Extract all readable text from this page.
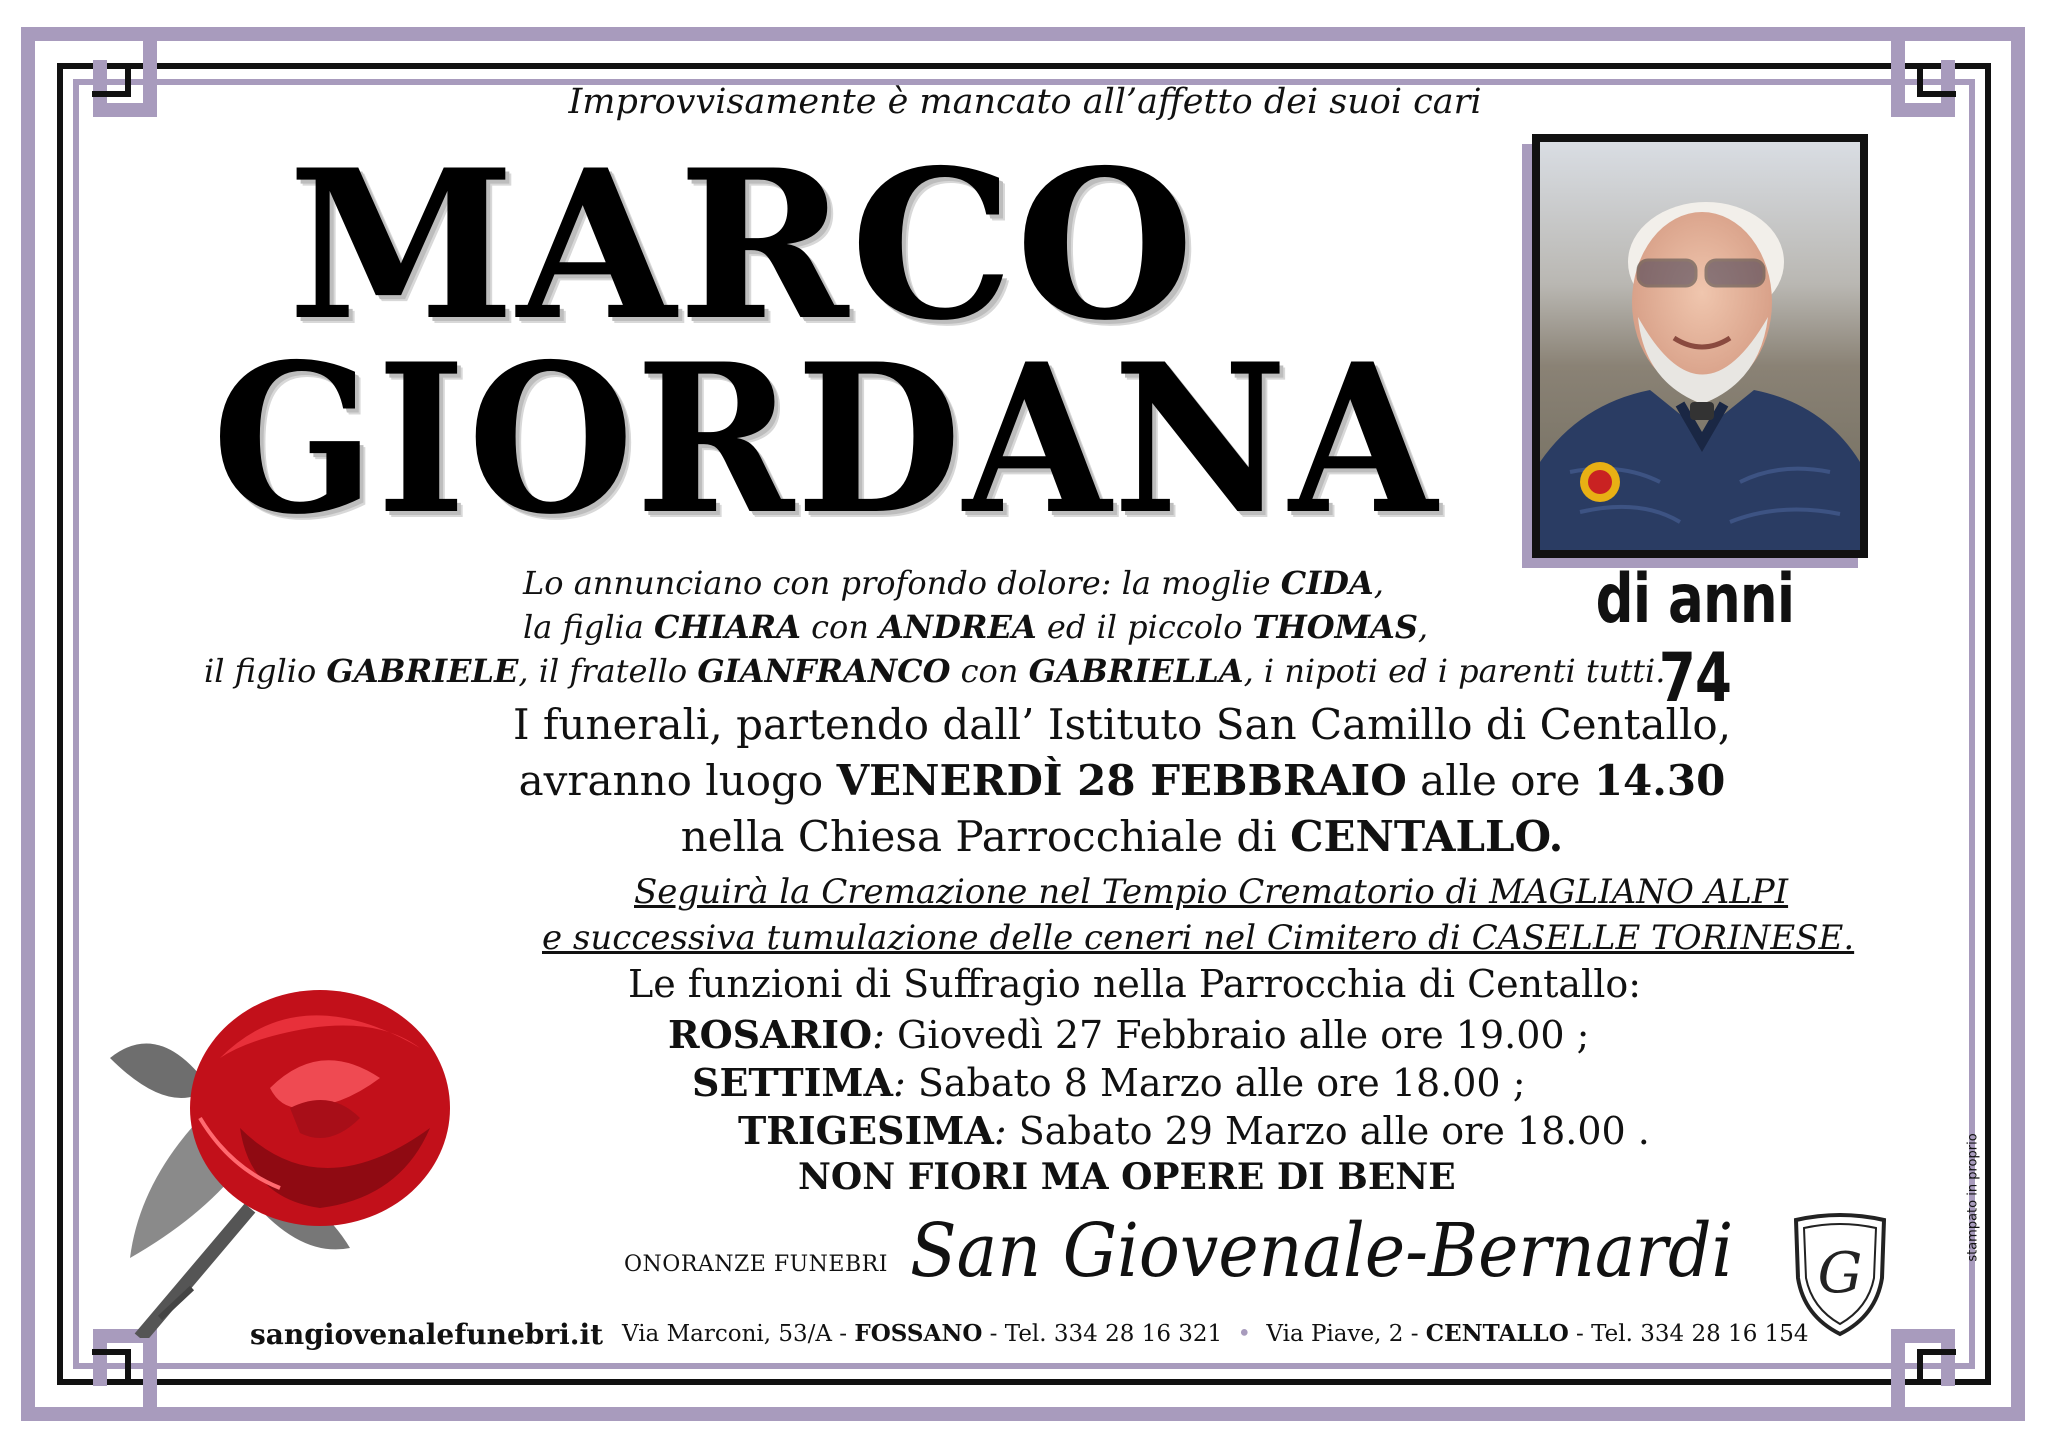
Improvvisamente è mancato all’affetto dei suoi cari
MARCO
GIORDANA
di anni 74
Lo annunciano con profondo dolore: la moglie CIDA,
la figlia CHIARA con ANDREA ed il piccolo THOMAS,
il figlio GABRIELE, il fratello GIANFRANCO con GABRIELLA, i nipoti ed i parenti tutti.
I funerali, partendo dall’ Istituto San Camillo di Centallo,
avranno luogo VENERDÌ 28 FEBBRAIO alle ore 14.30
nella Chiesa Parrocchiale di CENTALLO.
Seguirà la Cremazione nel Tempio Crematorio di MAGLIANO ALPI
e successiva tumulazione delle ceneri nel Cimitero di CASELLE TORINESE.
Le funzioni di Suffragio nella Parrocchia di Centallo:
ROSARIO: Giovedì 27 Febbraio alle ore 19.00 ;
SETTIMA: Sabato 8 Marzo alle ore 18.00 ;
TRIGESIMA: Sabato 29 Marzo alle ore 18.00 .
NON FIORI MA OPERE DI BENE
sangiovenalefunebri.it
ONORANZE FUNEBRI San Giovenale-Bernardi G
Via Marconi, 53/A - FOSSANO - Tel. 334 28 16 321 • Via Piave, 2 - CENTALLO - Tel. 334 28 16 154
stampato in proprio
